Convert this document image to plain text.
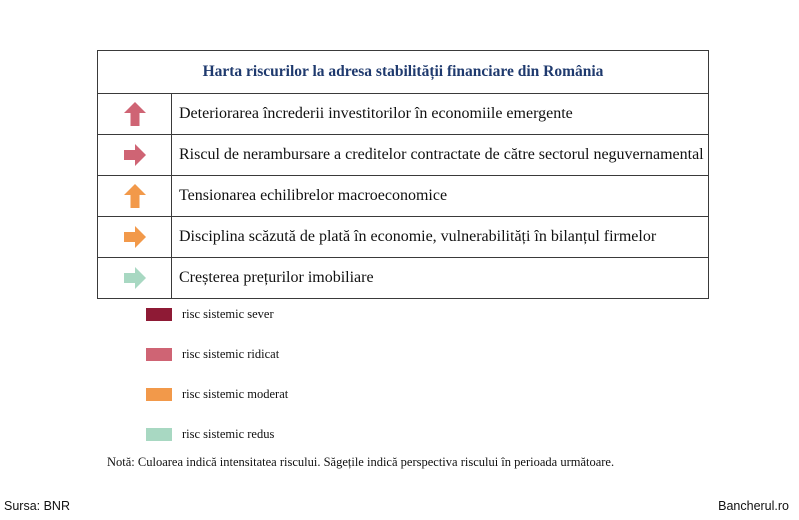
Harta riscurilor la adresa stabilității financiare din România
Deteriorarea încrederii investitorilor în economiile emergente
Riscul de nerambursare a creditelor contractate de către sectorul neguvernamental
Tensionarea echilibrelor macroeconomice
Disciplina scăzută de plată în economie, vulnerabilități în bilanțul firmelor
Creșterea prețurilor imobiliare
risc sistemic sever
risc sistemic ridicat
risc sistemic moderat
risc sistemic redus
Notă: Culoarea indică intensitatea riscului. Săgețile indică perspectiva riscului în perioada următoare.
Sursa: BNR	Bancherul.ro
